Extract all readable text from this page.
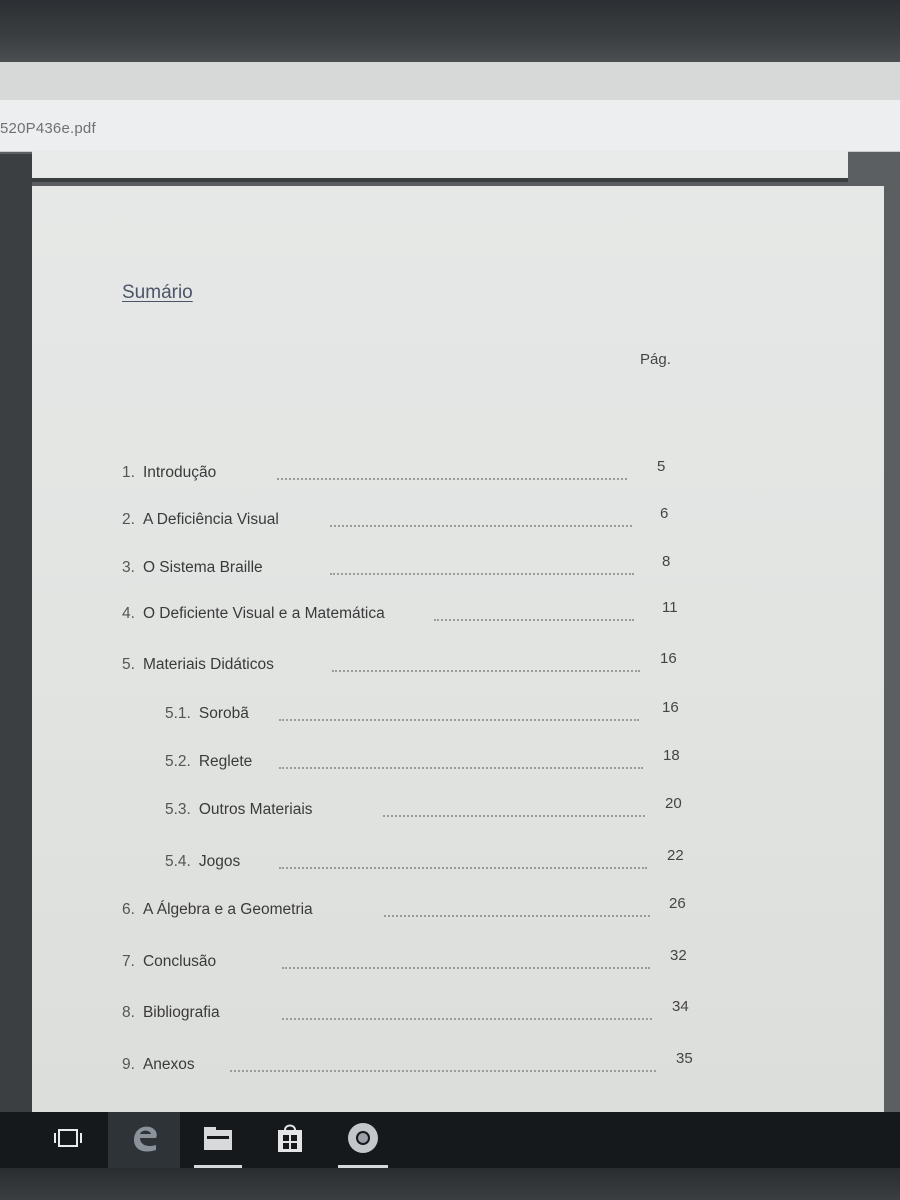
520P436e.pdf
Sumário
Pág.
1. Introdução	5
2. A Deficiência Visual	6
3. O Sistema Braille	8
4. O Deficiente Visual e a Matemática	11
5. Materiais Didáticos	16
5.1. Sorobã	16
5.2. Reglete	18
5.3. Outros Materiais	20
5.4. Jogos	22
6. A Álgebra e a Geometria	26
7. Conclusão	32
8. Bibliografia	34
9. Anexos	35
